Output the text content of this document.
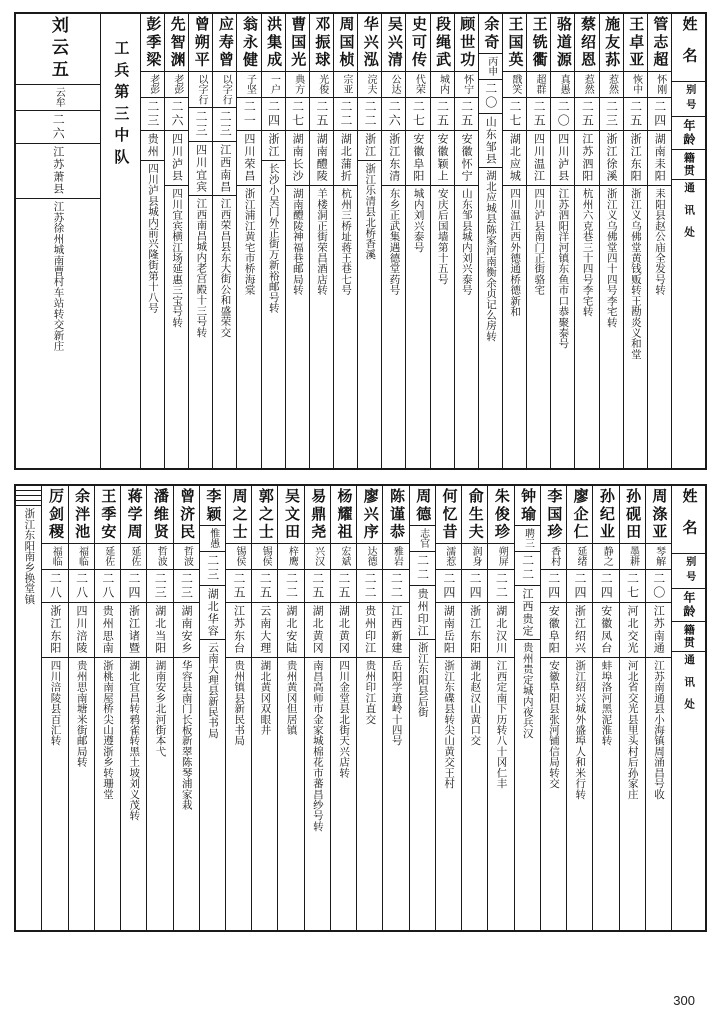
姓名
别号
年龄
籍贯
通讯处
管志超
怀刚
二四
湖南耒阳
耒阳县赵公庙全发号转
王卓亚
恢中
二五
浙江东阳
浙江义乌佛堂黄钱贩转王勘炎义和堂
施友荪
惹然
二三
浙江徐溪
浙江义乌佛堂四十四号李宅转
蔡绍恩
惹然
二五
江苏泗阳
杭州六克巷三十四号李宅转
骆道源
真愚
二〇
四川泸县
江苏泗阳洋河镇东鱼市口恭聚泰号
王铣衢
超群
二五
四川温江
四川泸县南门正街骆宅
王国英
戬笑
二七
湖北应城
四川温江西外德通桥德新和
余奇
丙申
二〇
山东邹县
湖北应城县陈家河南衡余贞记么房转
顾世功
怀宁
二五
安徽怀宁
山东邹县城内刘兴泰号
段绳武
城内
二五
安徽颖上
安庆后国墙第十五号
史可传
代荣
二七
安徽阜阳
城内刘兴泰号
吴兴清
公达
二六
浙江东清
东乡正武集遇德堂药号
华兴泓
浣夫
二二
浙江
浙江乐清县北桥香溪
周国桢
宗亚
二二
湖北蒲折
杭州三桥址蒋王巷七号
邓振球
光俊
二五
湖南醴陵
羊楼洞正街荣昌酒店转
曹国光
典方
二七
湖南长沙
湖南醴陵神福巷邮局转
洪集成
一户
二四
浙江
长沙小吴门外正街万新裕邮号转
翁永健
子坚
二一
四川荣昌
浙江浦江黄宅市桥海棠
应寿曾
以字行
二三
江西南昌
江西荣昌县东大街公和盛荣交
曾朔平
以字行
二三
四川宜宾
江西南昌城内老宫殿十三号转
先智渊
老彭
二六
四川泸县
四川宜宾横江场延惠三宝号转
彭季梁
老彭
二三
贵州
四川泸县城内前兴隆街第十八号
工兵第三中队
刘云五
云牟
二六
江苏萧县
江苏徐州城南曹村车站转交新庄
姓名
别号
年龄
籍贯
通讯处
周涤亚
琴解
二〇
江苏南通
江苏南通县小海镇周涌昌号收
孙砚田
墨耕
二七
河北交光
河北省交光县里头村后孙家庄
孙纪业
静之
二四
安徽凤台
蚌埠洛河黑泥淮转
廖企仁
延绪
二四
浙江绍兴
浙江绍兴城外盛埠人和米行转
李国珍
香村
二四
安徽阜阳
安徽阜阳县张河铺信局转交
钟瑜
聘三
二二
江西贵定
贵州贵定城内夜兵汉
朱俊珍
朔屏
二二
湖北汉川
江西定南下历转八十冈仁丰
俞生夫
润身
二四
浙江东阳
湖北赵汉山黄口交
何忆昔
濡惹
二四
湖南岳阳
浙江东碟县转尖山黄交王村
周德
志官
二二
贵州印江
浙江东阳县后街
陈谨恭
雅岩
二二
江西新建
岳阳学道岭十四号
廖兴序
达德
二二
贵州印江
贵州印江直交
杨耀祖
宏斌
二五
湖北黄冈
四川金堂县北街天兴店转
易鼎尧
兴汉
二五
湖北黄冈
南昌高师市金家城棉花市蕃昌纱号转
吴文田
梓鹰
二二
湖北安陆
贵州黄冈但居镇
郭之士
锡侯
二五
云南大理
湖北黄冈双眼井
周之士
锡侯
二五
江苏东台
贵州镇县新民书局
李颖
惟愚
二三
湖北华容
云南大理县新民书局
曾济民
哲波
二三
湖南安乡
华容县南门长板新翠陈琴浦家栽
潘维贤
哲波
二三
湖北当阳
湖南安乡北河街本弋
蒋学周
延佐
二四
浙江诸暨
湖北宜昌转鸦雀转黑土坡刘义茂转
王季安
延佐
二八
贵州思南
浙桃南屋桥尖山遵浙乡转珊堂
余泮池
福临
二八
四川涪陵
贵州思南塘米街邮局转
厉剑稷
福临
二八
浙江东阳
四川涪陵县百汇转
浙江东阳南乡换堂镇
300
